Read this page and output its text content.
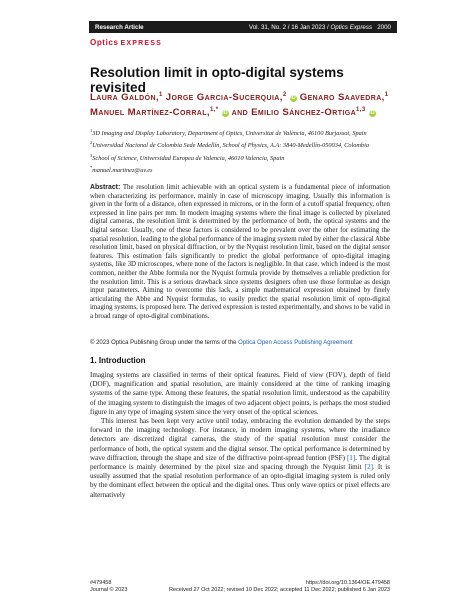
Research Article	Vol. 31, No. 2 / 16 Jan 2023 / Optics Express 2000
Optics EXPRESS
Resolution limit in opto-digital systems revisited
Laura Galdón,$^1$ Jorge Garcia-Sucerquia,$^2$ iD Genaro Saavedra,$^1$ Manuel Martínez-Corral,$^{1,*}$ iD and Emilio Sánchez-Ortiga$^{1,3}$ iD

$^1$3D Imaging and Display Laboratory, Department of Optics, Universitat de València, 46100 Burjassot, Spain

$^2$Universidad Nacional de Colombia Sede Medellín, School of Physics, A.A: 3840-Medellín-050034, Colombia

$^3$School of Science, Universidad Europea de Valencia, 46010 Valencia, Spain

*manuel.martinez@uv.es

Abstract: The resolution limit achievable with an optical system is a fundamental piece of information when characterizing its performance, mainly in case of microscopy imaging. Usually this information is given in the form of a distance, often expressed in microns, or in the form of a cutoff spatial frequency, often expressed in line pairs per mm. In modern imaging systems where the final image is collected by pixelated digital cameras, the resolution limit is determined by the performance of both, the optical systems and the digital sensor. Usually, one of these factors is considered to be prevalent over the other for estimating the spatial resolution, leading to the global performance of the imaging system ruled by either the classical Abbe resolution limit, based on physical diffraction, or by the Nyquist resolution limit, based on the digital sensor features. This estimation fails significantly to predict the global performance of opto-digital imaging systems, like 3D microscopes, where none of the factors is negligible. In that case, which indeed is the most common, neither the Abbe formula nor the Nyquist formula provide by themselves a reliable prediction for the resolution limit. This is a serious drawback since systems designers often use those formulae as design input parameters. Aiming to overcome this lack, a simple mathematical expression obtained by finely articulating the Abbe and Nyquist formulas, to easily predict the spatial resolution limit of opto-digital imaging systems, is proposed here. The derived expression is tested experimentally, and shows to be valid in a broad range of opto-digital combinations.
© 2023 Optica Publishing Group under the terms of the Optica Open Access Publishing Agreement
1. Introduction

Imaging systems are classified in terms of their optical features. Field of view (FOV), depth of field (DOF), magnification and spatial resolution, are mainly considered at the time of ranking imaging systems of the same type. Among these features, the spatial resolution limit, understood as the capability of the imaging system to distinguish the images of two adjacent object points, is perhaps the most studied figure in any type of imaging system since the very onset of the optical sciences.

This interest has been kept very active until today, embracing the evolution demanded by the steps forward in the imaging technology. For instance, in modern imaging systems, where the irradiance detectors are discretized digital cameras, the study of the spatial resolution must consider the performance of both, the optical system and the digital sensor. The optical performance is determined by wave diffraction, through the shape and size of the diffractive point-spread funtion (PSF) [1]. The digital performance is mainly determined by the pixel size and spacing through the Nyquist limit [2]. It is usually assumed that the spatial resolution performance of an opto-digital imaging system is ruled only by the dominant effect between the optical and the digital ones. Thus only wave optics or pixel effects are alternatively

#479458	https://doi.org/10.1364/OE.479458
Journal © 2023	Received 27 Oct 2022; revised 10 Dec 2022; accepted 11 Dec 2022; published 6 Jan 2023
